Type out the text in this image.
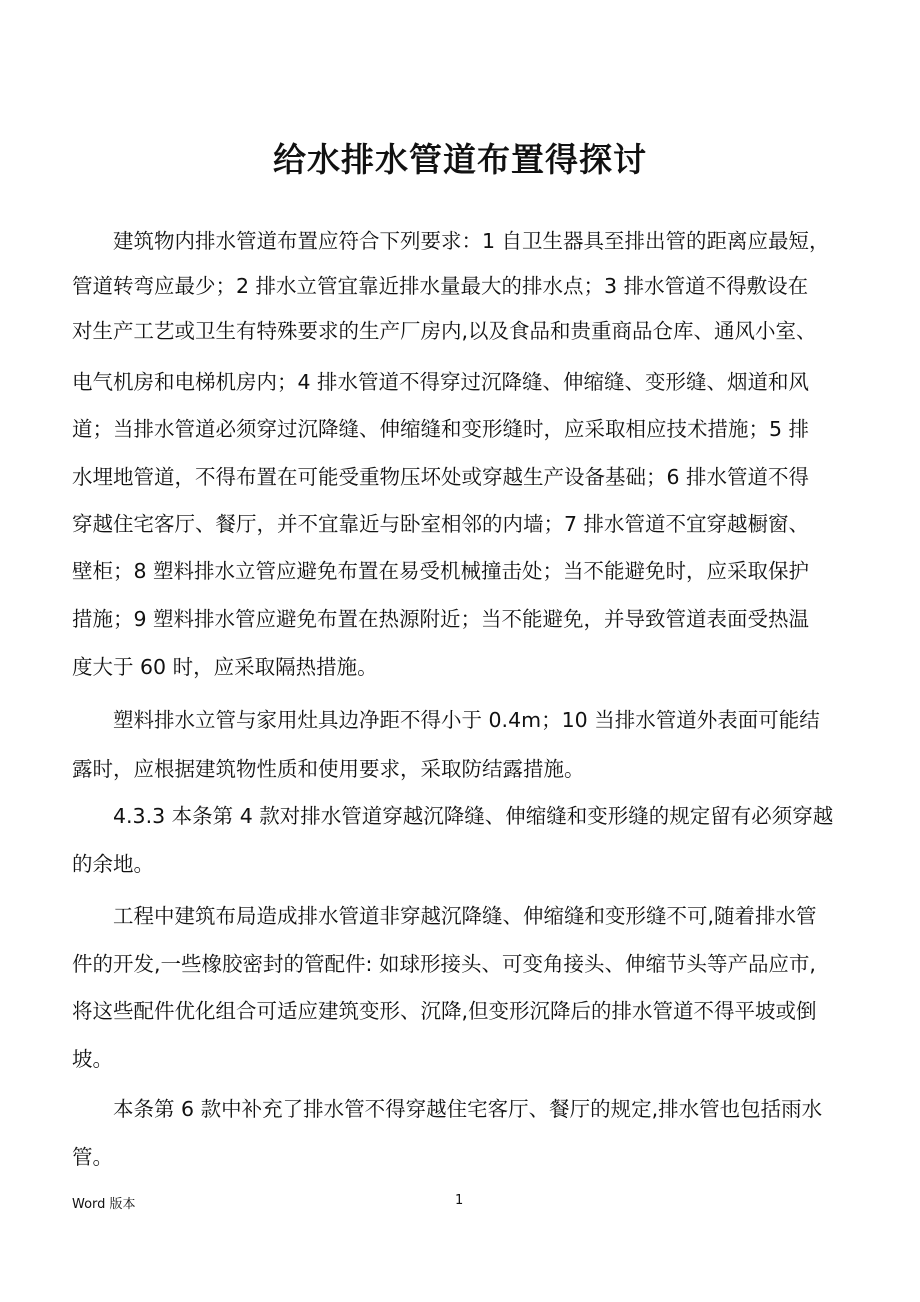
给水排水管道布置得探讨
　　建筑物内排水管道布置应符合下列要求：1 自卫生器具至排出管的距离应最短，
管道转弯应最少；2 排水立管宜靠近排水量最大的排水点；3 排水管道不得敷设在
对生产工艺或卫生有特殊要求的生产厂房内,以及食品和贵重商品仓库、通风小室、
电气机房和电梯机房内；4 排水管道不得穿过沉降缝、伸缩缝、变形缝、烟道和风
道；当排水管道必须穿过沉降缝、伸缩缝和变形缝时，应采取相应技术措施；5 排
水埋地管道，不得布置在可能受重物压坏处或穿越生产设备基础；6 排水管道不得
穿越住宅客厅、餐厅，并不宜靠近与卧室相邻的内墙；7 排水管道不宜穿越橱窗、
壁柜；8 塑料排水立管应避免布置在易受机械撞击处；当不能避免时，应采取保护
措施；9 塑料排水管应避免布置在热源附近；当不能避免，并导致管道表面受热温
度大于 60 时，应采取隔热措施。
　　塑料排水立管与家用灶具边净距不得小于 0.4m；10 当排水管道外表面可能结
露时，应根据建筑物性质和使用要求，采取防结露措施。
　　4.3.3 本条第 4 款对排水管道穿越沉降缝、伸缩缝和变形缝的规定留有必须穿越
的余地。
　　工程中建筑布局造成排水管道非穿越沉降缝、伸缩缝和变形缝不可,随着排水管
件的开发,一些橡胶密封的管配件: 如球形接头、可变角接头、伸缩节头等产品应市,
将这些配件优化组合可适应建筑变形、沉降,但变形沉降后的排水管道不得平坡或倒
坡。
　　本条第 6 款中补充了排水管不得穿越住宅客厅、餐厅的规定,排水管也包括雨水
管。
Word 版本	1
